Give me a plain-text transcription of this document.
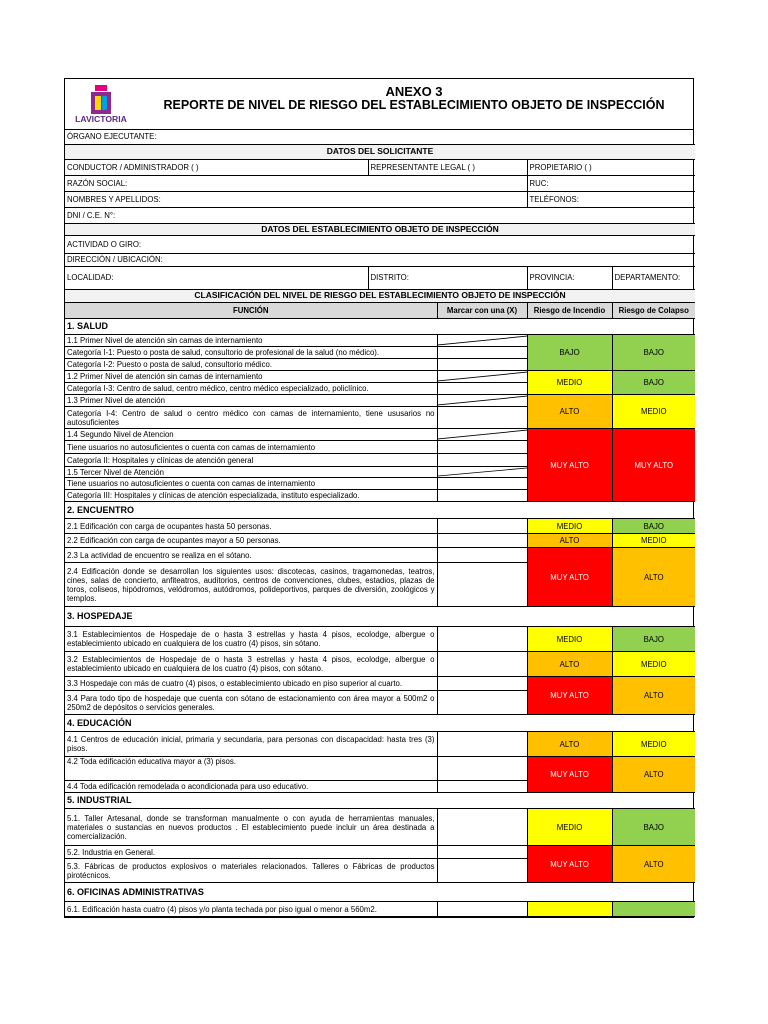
LAVICTORIA
ANEXO 3
REPORTE DE NIVEL DE RIESGO DEL ESTABLECIMIENTO OBJETO DE INSPECCIÓN
ÓRGANO EJECUTANTE:			
DATOS DEL SOLICITANTE			
CONDUCTOR / ADMINISTRADOR ( )	REPRESENTANTE LEGAL ( )	PROPIETARIO ( )	
RAZÓN SOCIAL:		RUC:	
NOMBRES Y APELLIDOS:		TELÉFONOS:	
DNI / C.E. N°:			
DATOS DEL ESTABLECIMIENTO OBJETO DE INSPECCIÓN			
ACTIVIDAD O GIRO:			
DIRECCIÓN / UBICACIÓN:			
LOCALIDAD:	DISTRITO:	PROVINCIA:	DEPARTAMENTO:
CLASIFICACIÓN DEL NIVEL DE RIESGO DEL ESTABLECIMIENTO OBJETO DE INSPECCIÓN			
FUNCIÓN	Marcar con una (X)	Riesgo de Incendio	Riesgo de Colapso
1. SALUD			
1.1 Primer Nivel de atención sin camas de internamiento		BAJO	BAJO
Categoría I-1: Puesto o posta de salud, consultorio de profesional de la salud (no médico).			
Categoría I-2: Puesto o posta de salud, consultorio médico.			
1.2 Primer Nivel de atención sin camas de internamiento		MEDIO	BAJO
Categoría I-3: Centro de salud, centro médico, centro médico especializado, policlínico.			
1.3 Primer Nivel de atención		ALTO	MEDIO
Categoría I-4: Centro de salud o centro médico con camas de internamiento, tiene ususarios no autosuficientes			
1.4 Segundo Nivel de Atencion		MUY ALTO	MUY ALTO
Tiene usuarios no autosuficientes o cuenta con camas de internamiento			
Categoría II: Hospitales y clínicas de atención general			
1.5 Tercer Nivel de Atención	

Tiene usuarios no autosuficientes o cuenta con camas de internamiento			
Categoría III: Hospitales y clínicas de atención especializada, instituto especializado.			
2. ENCUENTRO			
2.1 Edificación con carga de ocupantes hasta 50 personas.		MEDIO	BAJO
2.2 Edificación con carga de ocupantes mayor a 50 personas.		ALTO	MEDIO
2.3 La actividad de encuentro se realiza en el sótano.		MUY ALTO	ALTO
2.4 Edificación donde se desarrollan los siguientes usos: discotecas, casinos, tragamonedas, teatros, cines, salas de concierto, anfiteatros, auditorios, centros de convenciones, clubes, estadios, plazas de toros, coliseos, hipódromos, velódromos, autódromos, polideportivos, parques de diversión, zoológicos y templos.			
3. HOSPEDAJE			
3.1 Establecimientos de Hospedaje de o hasta 3 estrellas y hasta 4 pisos, ecolodge, albergue o establecimiento ubicado en cualquiera de los cuatro (4) pisos, sin sótano.		MEDIO	BAJO
3.2 Establecimientos de Hospedaje de o hasta 3 estrellas y hasta 4 pisos, ecolodge, albergue o establecimiento ubicado en cualquiera de los cuatro (4) pisos, con sótano.		ALTO	MEDIO
3.3 Hospedaje con más de cuatro (4) pisos, o establecimiento ubicado en piso superior al cuarto.		MUY ALTO	ALTO
3.4 Para todo tipo de hospedaje que cuenta con sótano de estacionamiento con área mayor a 500m2 o 250m2 de depósitos o servicios generales.			
4. EDUCACIÓN			
4.1 Centros de educación inicial, primaria y secundaria, para personas con discapacidad: hasta tres (3) pisos.		ALTO	MEDIO
4.2 Toda edificación educativa mayor a (3) pisos.		MUY ALTO	ALTO
4.4 Toda edificación remodelada o acondicionada para uso educativo.			
5. INDUSTRIAL			
5.1. Taller Artesanal, donde se transforman manualmente o con ayuda de herramientas manuales, materiales o sustancias en nuevos productos . El establecimiento puede incluir un área destinada a comercialización.		MEDIO	BAJO
5.2. Industria en General.		MUY ALTO	ALTO
5.3. Fábricas de productos explosivos o materiales relacionados. Talleres o Fábricas de productos pirotécnicos.			
6. OFICINAS ADMINISTRATIVAS			
6.1. Edificación hasta cuatro (4) pisos y/o planta techada por piso igual o menor a 560m2.			
